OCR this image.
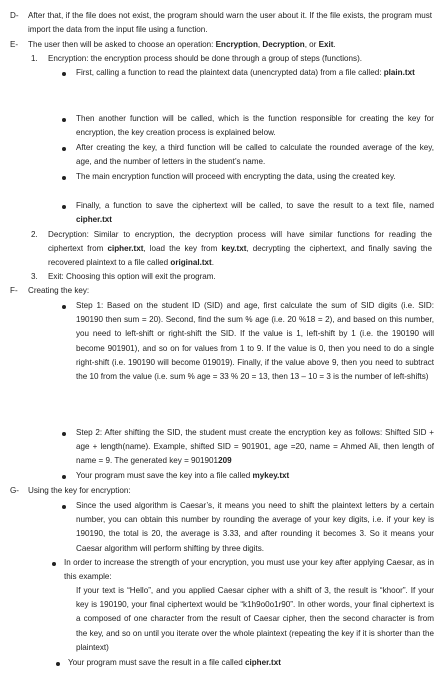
D- After that, if the file does not exist, the program should warn the user about it. If the file exists, the program must import the data from the input file using a function.
E- The user then will be asked to choose an operation: Encryption, Decryption, or Exit.
1. Encryption: the encryption process should be done through a group of steps (functions).
First, calling a function to read the plaintext data (unencrypted data) from a file called: plain.txt
Then another function will be called, which is the function responsible for creating the key for encryption, the key creation process is explained below.
After creating the key, a third function will be called to calculate the rounded average of the key, age, and the number of letters in the student’s name.
The main encryption function will proceed with encrypting the data, using the created key.
Finally, a function to save the ciphertext will be called, to save the result to a text file, named cipher.txt
2. Decryption: Similar to encryption, the decryption process will have similar functions for reading the ciphertext from cipher.txt, load the key from key.txt, decrypting the ciphertext, and finally saving the recovered plaintext to a file called original.txt.
3. Exit: Choosing this option will exit the program.
F- Creating the key:
Step 1: Based on the student ID (SID) and age, first calculate the sum of SID digits (i.e. SID: 190190 then sum = 20). Second, find the sum % age (i.e. 20 %18 = 2), and based on this number, you need to left-shift or right-shift the SID. If the value is 1, left-shift by 1 (i.e. the 190190 will become 901901), and so on for values from 1 to 9. If the value is 0, then you need to do a single right-shift (i.e. 190190 will become 019019). Finally, if the value above 9, then you need to subtract the 10 from the value (i.e. sum % age = 33 % 20 = 13, then 13 – 10 = 3 is the number of left-shifts)
Step 2: After shifting the SID, the student must create the encryption key as follows: Shifted SID + age + length(name). Example, shifted SID = 901901, age =20, name = Ahmed Ali, then length of name = 9. The generated key = 901901209
Your program must save the key into a file called mykey.txt
G- Using the key for encryption:
Since the used algorithm is Caesar’s, it means you need to shift the plaintext letters by a certain number, you can obtain this number by rounding the average of your key digits, i.e. if your key is 190190, the total is 20, the average is 3.33, and after rounding it becomes 3. So it means your Caesar algorithm will perform shifting by three digits.
In order to increase the strength of your encryption, you must use your key after applying Caesar, as in this example:
If your text is “Hello”, and you applied Caesar cipher with a shift of 3, the result is “khoor”. If your key is 190190, your final ciphertext would be “k1h9o0o1r90”. In other words, your final ciphertext is a composed of one character from the result of Caesar cipher, then the second character is from the key, and so on until you iterate over the whole plaintext (repeating the key if it is shorter than the plaintext)
Your program must save the result in a file called cipher.txt
